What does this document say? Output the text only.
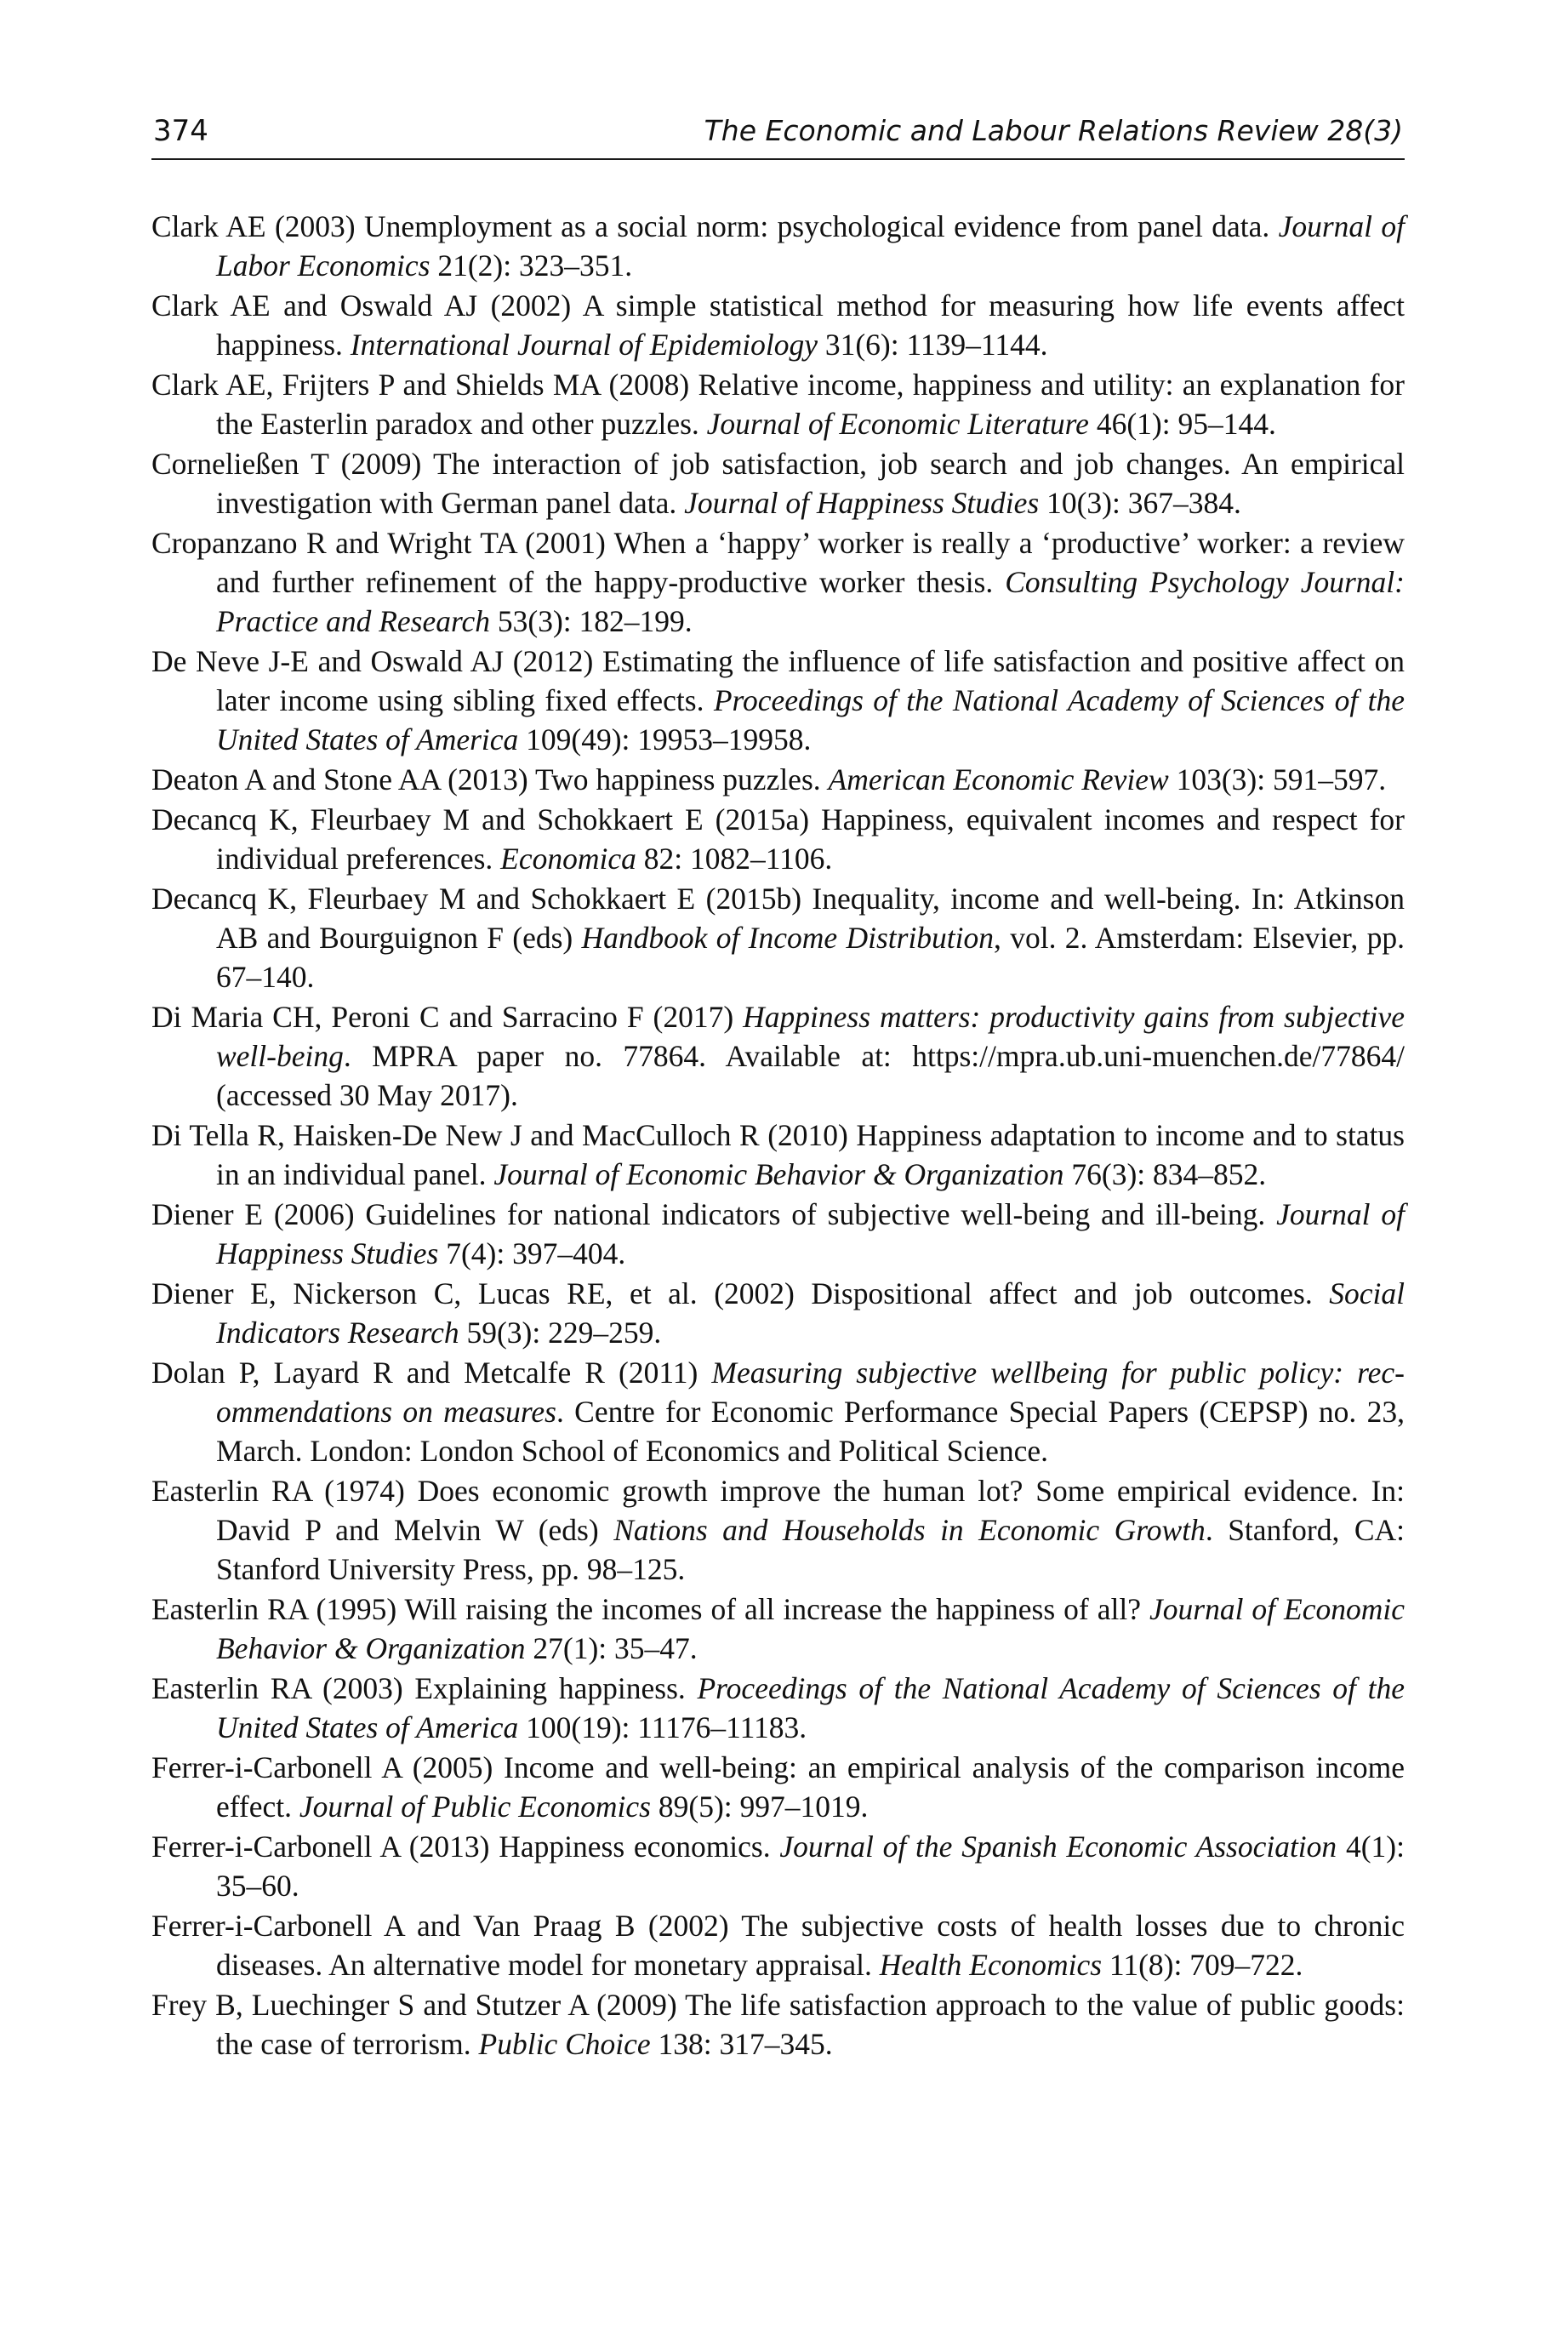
374	The Economic and Labour Relations Review 28(3)
Clark AE (2003) Unemployment as a social norm: psychological evidence from panel data. Journal of Labor Economics 21(2): 323–351.
Clark AE and Oswald AJ (2002) A simple statistical method for measuring how life events affect happiness. International Journal of Epidemiology 31(6): 1139–1144.
Clark AE, Frijters P and Shields MA (2008) Relative income, happiness and utility: an explanation for the Easterlin paradox and other puzzles. Journal of Economic Literature 46(1): 95–144.
Corneließen T (2009) The interaction of job satisfaction, job search and job changes. An empirical investigation with German panel data. Journal of Happiness Studies 10(3): 367–384.
Cropanzano R and Wright TA (2001) When a ‘happy’ worker is really a ‘productive’ worker: a review and further refinement of the happy-productive worker thesis. Consulting Psychology Journal: Practice and Research 53(3): 182–199.
De Neve J-E and Oswald AJ (2012) Estimating the influence of life satisfaction and positive affect on later income using sibling fixed effects. Proceedings of the National Academy of Sciences of the United States of America 109(49): 19953–19958.
Deaton A and Stone AA (2013) Two happiness puzzles. American Economic Review 103(3): 591–597.
Decancq K, Fleurbaey M and Schokkaert E (2015a) Happiness, equivalent incomes and respect for individual preferences. Economica 82: 1082–1106.
Decancq K, Fleurbaey M and Schokkaert E (2015b) Inequality, income and well-being. In: Atkinson AB and Bourguignon F (eds) Handbook of Income Distribution, vol. 2. Amsterdam: Elsevier, pp. 67–140.
Di Maria CH, Peroni C and Sarracino F (2017) Happiness matters: productivity gains from subjective well-being. MPRA paper no. 77864. Available at: https://mpra.ub.uni-muenchen.​de/77864/ (accessed 30 May 2017).
Di Tella R, Haisken-De New J and MacCulloch R (2010) Happiness adaptation to income and to status in an individual panel. Journal of Economic Behavior & Organization 76(3): 834–852.
Diener E (2006) Guidelines for national indicators of subjective well-being and ill-being. Journal of Happiness Studies 7(4): 397–404.
Diener E, Nickerson C, Lucas RE, et al. (2002) Dispositional affect and job outcomes. Social Indicators Research 59(3): 229–259.
Dolan P, Layard R and Metcalfe R (2011) Measuring subjective wellbeing for public policy: recommendations on measures. Centre for Economic Performance Special Papers (CEPSP) no. 23, March. London: London School of Economics and Political Science.
Easterlin RA (1974) Does economic growth improve the human lot? Some empirical evidence. In: David P and Melvin W (eds) Nations and Households in Economic Growth. Stanford, CA: Stanford University Press, pp. 98–125.
Easterlin RA (1995) Will raising the incomes of all increase the happiness of all? Journal of Economic Behavior & Organization 27(1): 35–47.
Easterlin RA (2003) Explaining happiness. Proceedings of the National Academy of Sciences of the United States of America 100(19): 11176–11183.
Ferrer-i-Carbonell A (2005) Income and well-being: an empirical analysis of the comparison income effect. Journal of Public Economics 89(5): 997–1019.
Ferrer-i-Carbonell A (2013) Happiness economics. Journal of the Spanish Economic Association 4(1): 35–60.
Ferrer-i-Carbonell A and Van Praag B (2002) The subjective costs of health losses due to chronic diseases. An alternative model for monetary appraisal. Health Economics 11(8): 709–722.
Frey B, Luechinger S and Stutzer A (2009) The life satisfaction approach to the value of public goods: the case of terrorism. Public Choice 138: 317–345.
